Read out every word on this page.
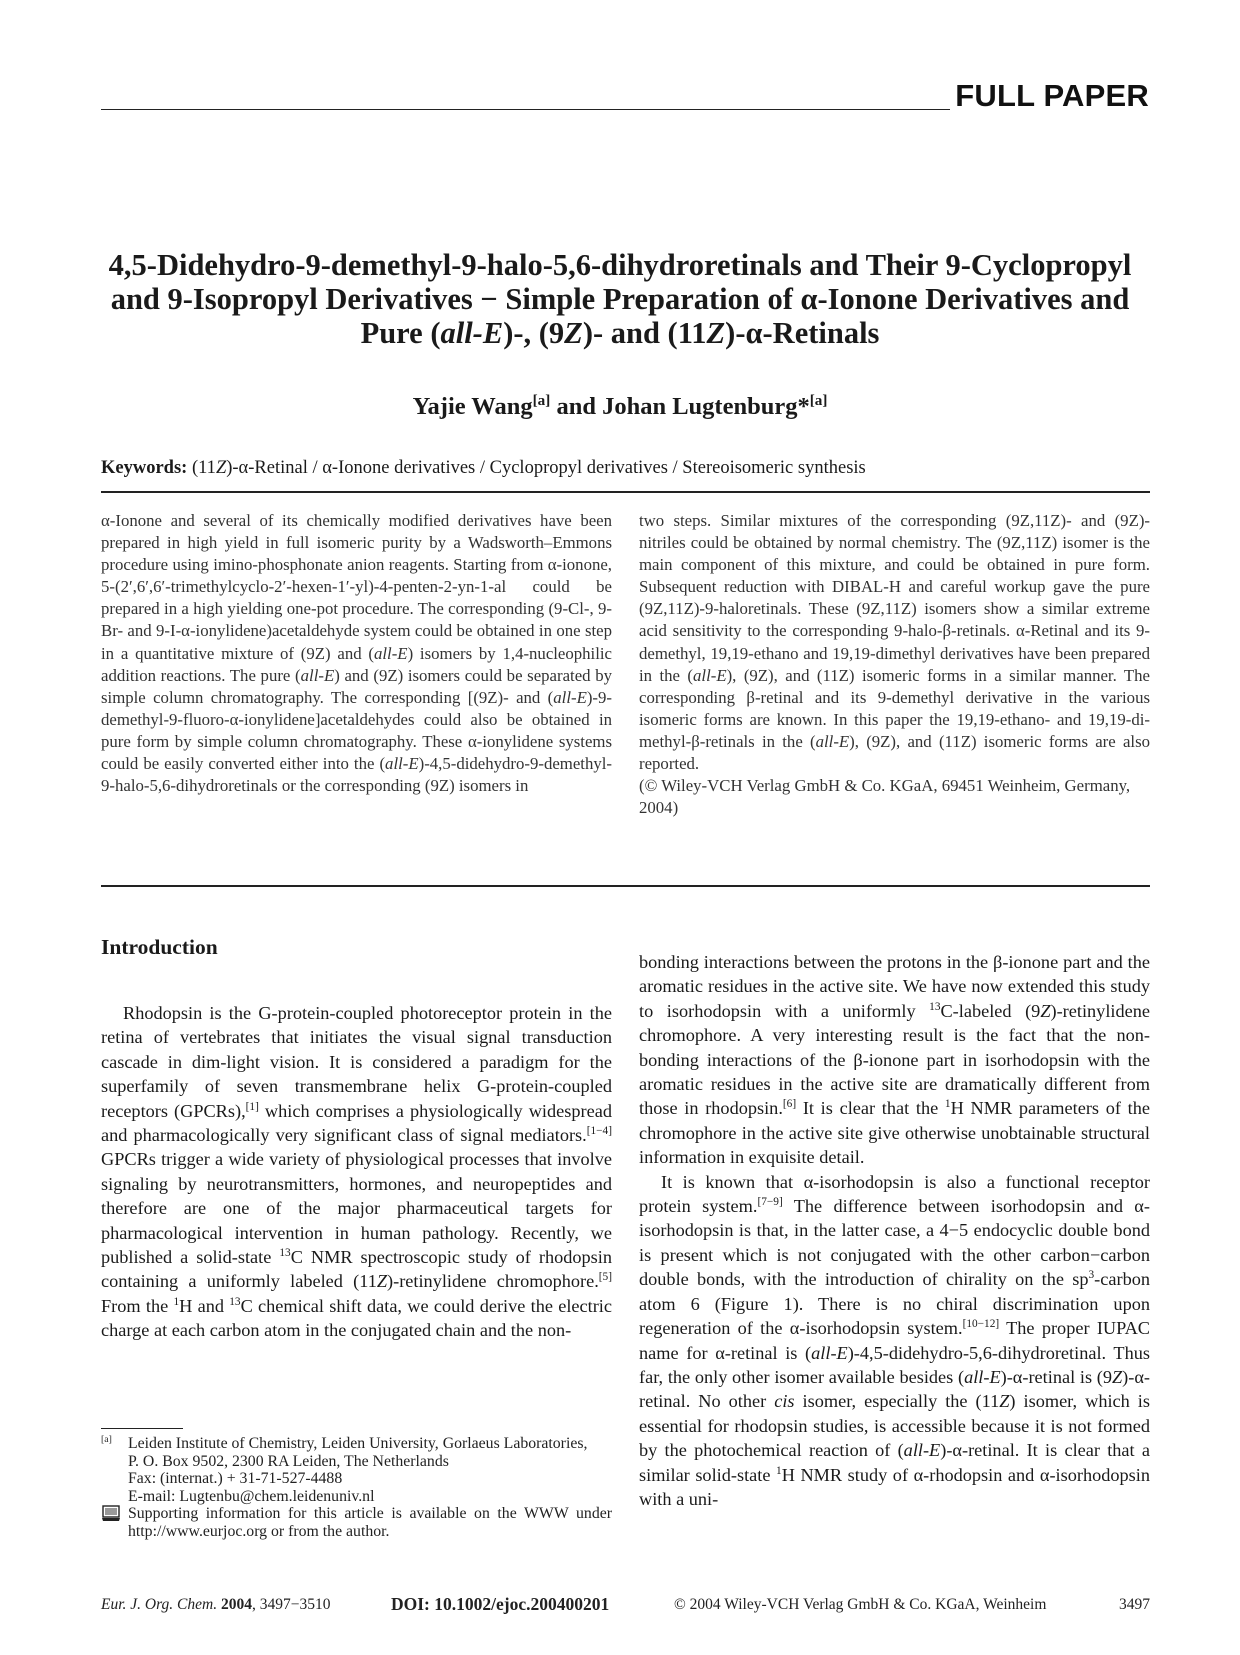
FULL PAPER
4,5-Didehydro-9-demethyl-9-halo-5,6-dihydroretinals and Their 9-Cyclopropyl
and 9-Isopropyl Derivatives − Simple Preparation of α-Ionone Derivatives and
Pure (all-E)-, (9Z)- and (11Z)-α-Retinals
Yajie Wang[a] and Johan Lugtenburg*[a]
Keywords: (11Z)-α-Retinal / α-Ionone derivatives / Cyclopropyl derivatives / Stereoisomeric synthesis

α-Ionone and several of its chemically modified derivatives have been prepared in high yield in full isomeric purity by a Wadsworth–Emmons procedure using imino-phosphonate anion reagents. Starting from α-ionone, 5-(2′,6′,6′-trimethylcyclo-2′-hexen-1′-yl)-4-penten-2-yn-1-al could be prepared in a high yielding one-pot procedure. The corresponding (9-Cl-, 9-Br- and 9-I-α-ionylidene)acetaldehyde system could be obtained in one step in a quantitative mixture of (9Z) and (all-E) isomers by 1,4-nucleophilic addition reactions. The pure (all-E) and (9Z) isomers could be separated by simple column chromatography. The corresponding [(9Z)- and (all-E)-9-demethyl-9-fluoro-α-ionylidene]acetaldehydes could also be obtained in pure form by simple column chromatography. These α-ionylidene systems could be easily converted either into the (all-E)-4,5-didehydro-9-demethyl-9-halo-5,6-dihydroretinals or the corresponding (9Z) isomers in

two steps. Similar mixtures of the corresponding (9Z,11Z)- and (9Z)-nitriles could be obtained by normal chemistry. The (9Z,11Z) isomer is the main component of this mixture, and could be obtained in pure form. Subsequent reduction with DIBAL-H and careful workup gave the pure (9Z,11Z)-9-haloretinals. These (9Z,11Z) isomers show a similar extreme acid sensitivity to the corresponding 9-halo-β-retinals. α-Retinal and its 9-demethyl, 19,19-ethano and 19,19-dimethyl derivatives have been prepared in the (all-E), (9Z), and (11Z) isomeric forms in a similar manner. The corresponding β-retinal and its 9-demethyl derivative in the various isomeric forms are known. In this paper the 19,19-ethano- and 19,19-dimethyl-β-retinals in the (all-E), (9Z), and (11Z) isomeric forms are also reported.

(© Wiley-VCH Verlag GmbH & Co. KGaA, 69451 Weinheim, Germany, 2004)

Introduction

Rhodopsin is the G-protein-coupled photoreceptor protein in the retina of vertebrates that initiates the visual signal transduction cascade in dim-light vision. It is considered a paradigm for the superfamily of seven transmembrane helix G-protein-coupled receptors (GPCRs),[1] which comprises a physiologically widespread and pharmacologically very significant class of signal mediators.[1−4] GPCRs trigger a wide variety of physiological processes that involve signaling by neurotransmitters, hormones, and neuropeptides and therefore are one of the major pharmaceutical targets for pharmacological intervention in human pathology. Recently, we published a solid-state $^{13}$C NMR spectroscopic study of rhodopsin containing a uniformly labeled (11Z)-retinylidene chromophore.[5] From the $^1$H and $^{13}$C chemical shift data, we could derive the electric charge at each carbon atom in the conjugated chain and the non-

bonding interactions between the protons in the β-ionone part and the aromatic residues in the active site. We have now extended this study to isorhodopsin with a uniformly $^{13}$C-labeled (9Z)-retinylidene chromophore. A very interesting result is the fact that the non-bonding interactions of the β-ionone part in isorhodopsin with the aromatic residues in the active site are dramatically different from those in rhodopsin.[6] It is clear that the $^1$H NMR parameters of the chromophore in the active site give otherwise unobtainable structural information in exquisite detail.

It is known that α-isorhodopsin is also a functional receptor protein system.[7−9] The difference between isorhodopsin and α-isorhodopsin is that, in the latter case, a 4−5 endocyclic double bond is present which is not conjugated with the other carbon−carbon double bonds, with the introduction of chirality on the $sp^3$-carbon atom 6 (Figure 1). There is no chiral discrimination upon regeneration of the α-isorhodopsin system.[10−12] The proper IUPAC name for α-retinal is (all-E)-4,5-didehydro-5,6-dihydroretinal. Thus far, the only other isomer available besides (all-E)-α-retinal is (9Z)-α-retinal. No other cis isomer, especially the (11Z) isomer, which is essential for rhodopsin studies, is accessible because it is not formed by the photochemical reaction of (all-E)-α-retinal. It is clear that a similar solid-state $^1$H NMR study of α-rhodopsin and α-isorhodopsin with a uni-

[a]	Leiden Institute of Chemistry, Leiden University, Gorlaeus Laboratories,

P. O. Box 9502, 2300 RA Leiden, The Netherlands

Fax: (internat.) + 31-71-527-4488

E-mail: Lugtenbu@chem.leidenuniv.nl

Supporting information for this article is available on the WWW under http://www.eurjoc.org or from the author.

Eur. J. Org. Chem. 2004, 3497−3510	DOI: 10.1002/ejoc.200400201	© 2004 Wiley-VCH Verlag GmbH & Co. KGaA, Weinheim	3497
